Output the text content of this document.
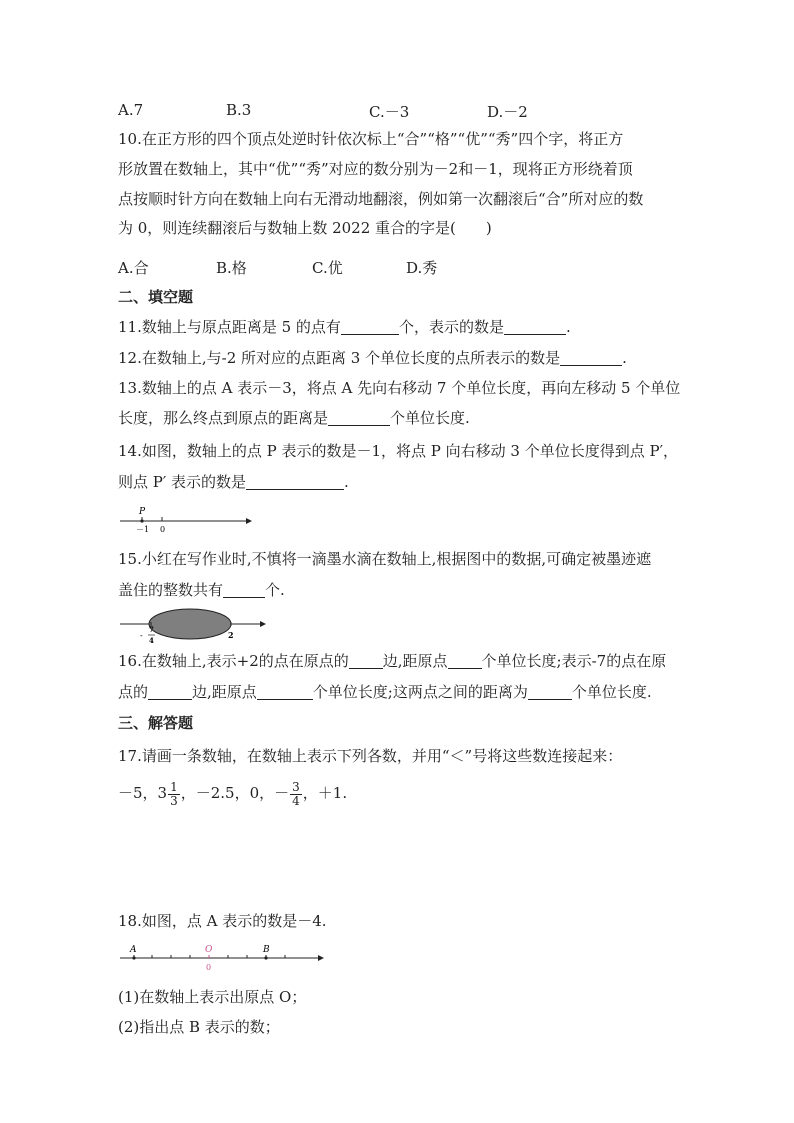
A.7	B.3	C.－3	D.－2
10.在正方形的四个顶点处逆时针依次标上“合”“格”“优”“秀”四个字，将正方
形放置在数轴上，其中“优”“秀”对应的数分别为－2和－1，现将正方形绕着顶
点按顺时针方向在数轴上向右无滑动地翻滚，例如第一次翻滚后“合”所对应的数
为 0，则连续翻滚后与数轴上数 2022 重合的字是(　　)
A.合	B.格	C.优	D.秀
二、填空题
11.数轴上与原点距离是 5 的点有	个，表示的数是	.
12.在数轴上,与-2 所对应的点距离 3 个单位长度的点所表示的数是	.
13.数轴上的点 A 表示－3，将点 A 先向右移动 7 个单位长度，再向左移动 5 个单位
长度，那么终点到原点的距离是	个单位长度.
14.如图，数轴上的点 P 表示的数是－1，将点 P 向右移动 3 个单位长度得到点 P′，
则点 P′ 表示的数是	.
P
－1 0
15.小红在写作业时,不慎将一滴墨水滴在数轴上,根据图中的数据,可确定被墨迹遮
盖住的整数共有	个.
-
7
4
2
16.在数轴上,表示+2的点在原点的 边,距原点 个单位长度;表示-7的点在原
点的	边,距原点	个单位长度;这两点之间的距离为	个单位长度.
三、解答题
17.请画一条数轴，在数轴上表示下列各数，并用“＜”号将这些数连接起来：
－5，$3 \frac{1}{3}$ ，－2.5，0，－ $\frac{3}{4}$ ，＋1.
18.如图，点 A 表示的数是－4.
A	O	B
0
(1)在数轴上表示出原点 O；
(2)指出点 B 表示的数；
